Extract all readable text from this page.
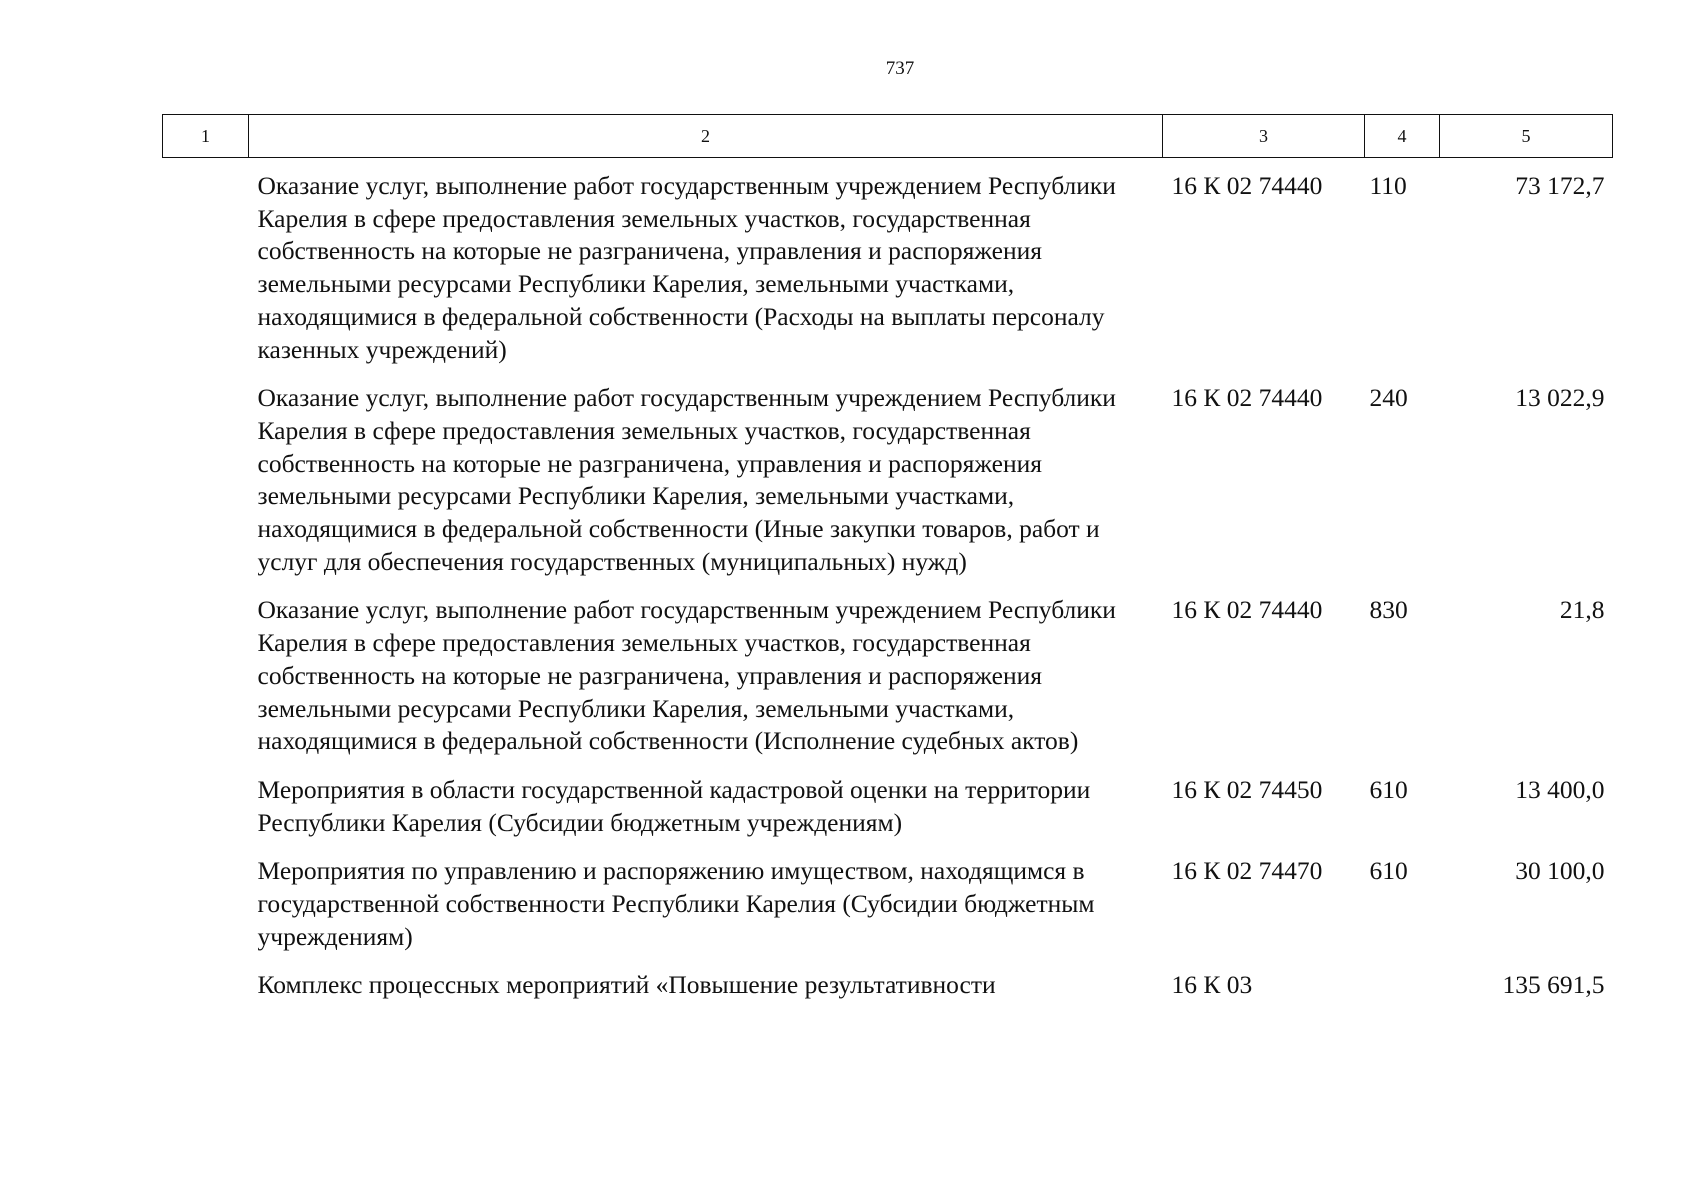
737
1	2	3	4	5
	Оказание услуг, выполнение работ государственным учреждением Республики Карелия в сфере предоставления земельных участков, государственная собственность на которые не разграничена, управления и распоряжения земельными ресурсами Республики Карелия, земельными участками, находящимися в федеральной собственности (Расходы на выплаты персоналу казенных учреждений)	16 К 02 74440	110	73 172,7
	Оказание услуг, выполнение работ государственным учреждением Республики Карелия в сфере предоставления земельных участков, государственная собственность на которые не разграничена, управления и распоряжения земельными ресурсами Республики Карелия, земельными участками, находящимися в федеральной собственности (Иные закупки товаров, работ и услуг для обеспечения государственных (муниципальных) нужд)	16 К 02 74440	240	13 022,9
	Оказание услуг, выполнение работ государственным учреждением Республики Карелия в сфере предоставления земельных участков, государственная собственность на которые не разграничена, управления и распоряжения земельными ресурсами Республики Карелия, земельными участками, находящимися в федеральной собственности (Исполнение судебных актов)	16 К 02 74440	830	21,8
	Мероприятия в области государственной кадастровой оценки на территории Республики Карелия (Субсидии бюджетным учреждениям)	16 К 02 74450	610	13 400,0
	Мероприятия по управлению и распоряжению имуществом, находящимся в государственной собственности Республики Карелия (Субсидии бюджетным учреждениям)	16 К 02 74470	610	30 100,0
	Комплекс процессных мероприятий «Повышение результативности	16 К 03		135 691,5
